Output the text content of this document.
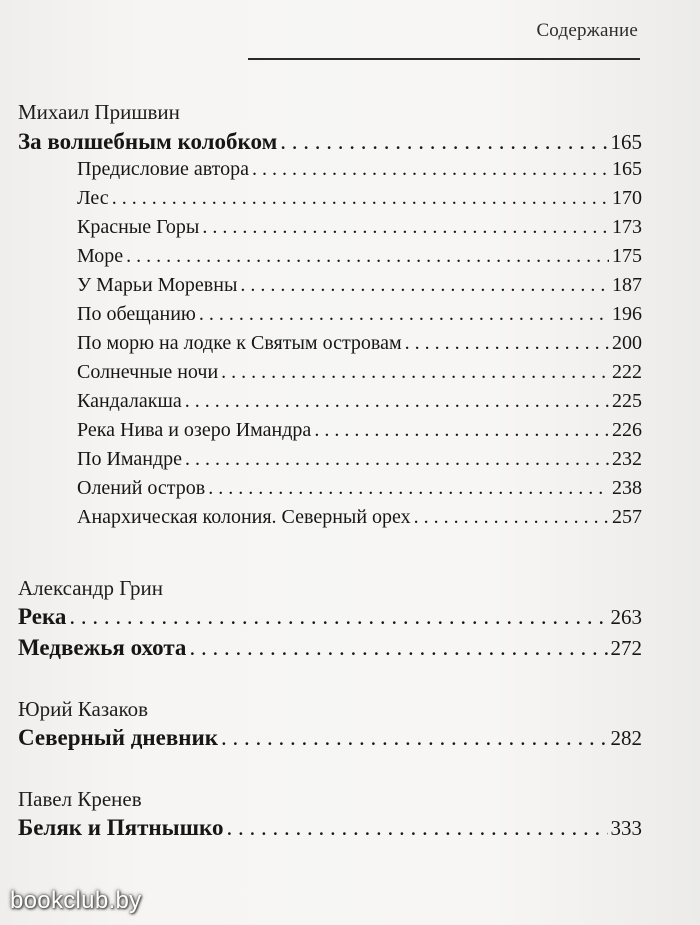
Содержание
Михаил Пришвин
За волшебным колобком . . .	165
Предисловие автора . . .	165
Лес . . .	170
Красные Горы . . .	173
Море . . .	175
У Марьи Моревны . . .	187
По обещанию . . .	196
По морю на лодке к Святым островам . . .	200
Солнечные ночи . . .	222
Кандалакша . . .	225
Река Нива и озеро Имандра . . .	226
По Имандре . . .	232
Олений остров . . .	238
Анархическая колония. Северный орех . . .	257
Александр Грин
Река . . .	263
Медвежья охота . . .	272
Юрий Казаков
Северный дневник . . .	282
Павел Кренев
Беляк и Пятнышко . . .	333
bookclub.by
